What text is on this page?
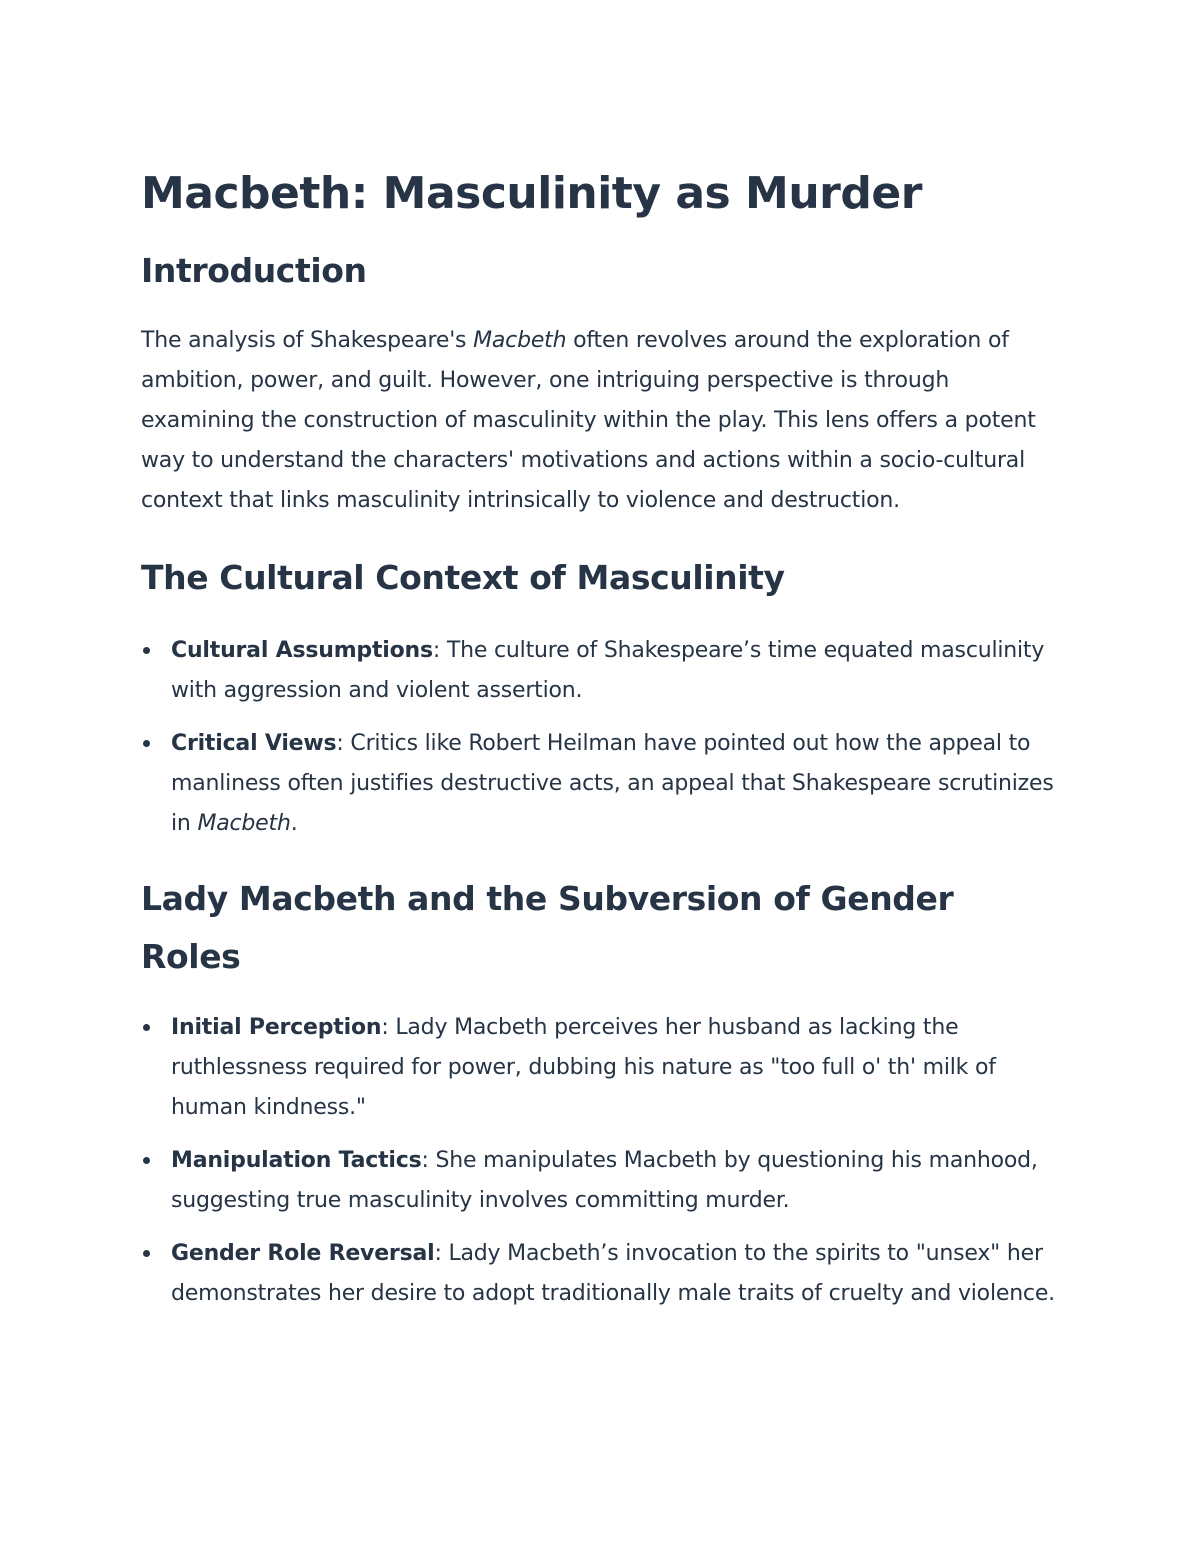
Macbeth: Masculinity as Murder
Introduction

The analysis of Shakespeare's Macbeth often revolves around the exploration of ambition, power, and guilt. However, one intriguing perspective is through examining the construction of masculinity within the play. This lens offers a potent way to understand the characters' motivations and actions within a socio-cultural context that links masculinity intrinsically to violence and destruction.

The Cultural Context of Masculinity
Cultural Assumptions: The culture of Shakespeare’s time equated masculinity with aggression and violent assertion.
Critical Views: Critics like Robert Heilman have pointed out how the appeal to manliness often justifies destructive acts, an appeal that Shakespeare scrutinizes in Macbeth.
Lady Macbeth and the Subversion of Gender Roles
Initial Perception: Lady Macbeth perceives her husband as lacking the ruthlessness required for power, dubbing his nature as "too full o' th' milk of human kindness."
Manipulation Tactics: She manipulates Macbeth by questioning his manhood, suggesting true masculinity involves committing murder.
Gender Role Reversal: Lady Macbeth’s invocation to the spirits to "unsex" her demonstrates her desire to adopt traditionally male traits of cruelty and violence.
